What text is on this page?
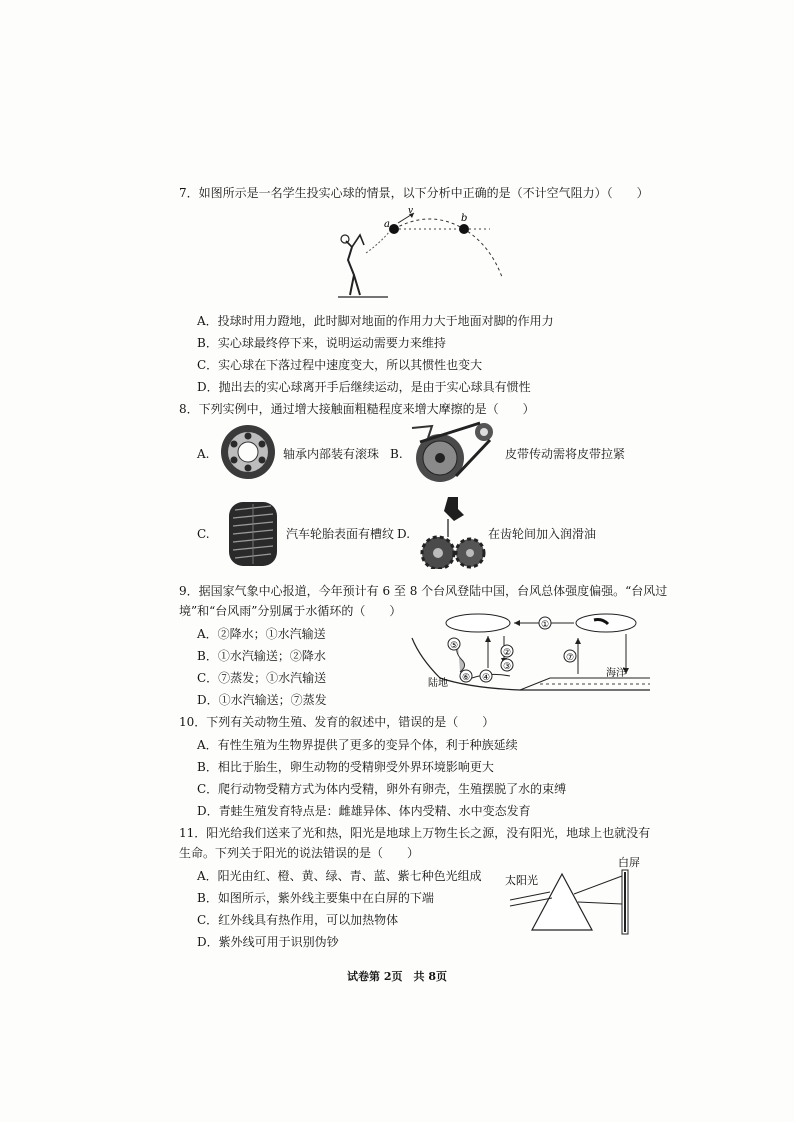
7．如图所示是一名学生投实心球的情景，以下分析中正确的是（不计空气阻力）（　　）
a
b
v
A．投球时用力蹬地，此时脚对地面的作用力大于地面对脚的作用力
B．实心球最终停下来，说明运动需要力来维持
C．实心球在下落过程中速度变大，所以其惯性也变大
D．抛出去的实心球离开手后继续运动，是由于实心球具有惯性
8．下列实例中，通过增大接触面粗糙程度来增大摩擦的是（　　）
A.	轴承内部装有滚珠 B.	皮带传动需将皮带拉紧
C.	汽车轮胎表面有槽纹 D.	在齿轮间加入润滑油
9．据国家气象中心报道，今年预计有 6 至 8 个台风登陆中国，台风总体强度偏强。“台风过
境”和“台风雨”分别属于水循环的（　　）
A．②降水；①水汽输送
B．①水汽输送；②降水
C．⑦蒸发；①水汽输送
D．①水汽输送；⑦蒸发
①
⑦
②
③
⑤
④
⑥
陆地
海洋
10．下列有关动物生殖、发育的叙述中，错误的是（　　）
A．有性生殖为生物界提供了更多的变异个体，利于种族延续
B．相比于胎生，卵生动物的受精卵受外界环境影响更大
C．爬行动物受精方式为体内受精，卵外有卵壳，生殖摆脱了水的束缚
D．青蛙生殖发育特点是：雌雄异体、体内受精、水中变态发育
11．阳光给我们送来了光和热，阳光是地球上万物生长之源，没有阳光，地球上也就没有
生命。下列关于阳光的说法错误的是（　　）
A．阳光由红、橙、黄、绿、青、蓝、紫七种色光组成
B．如图所示，紫外线主要集中在白屏的下端
C．红外线具有热作用，可以加热物体
D．紫外线可用于识别伪钞
白屏
太阳光
试卷第 2页　共 8页
